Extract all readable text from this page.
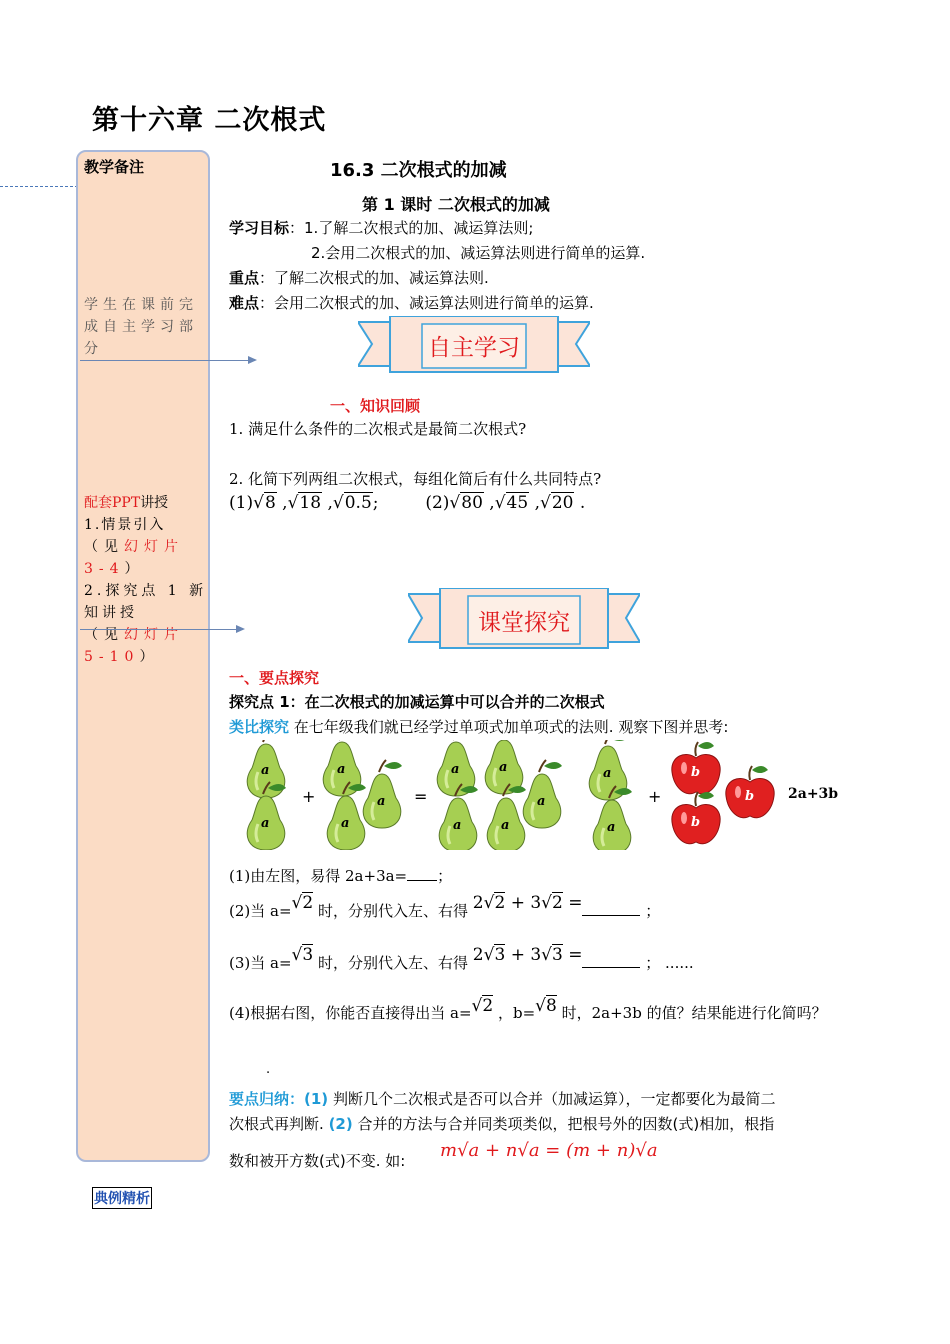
第十六章 二次根式
教学备注
学生在课前完成自主学习部分
配套PPT讲授
1.情景引入
（见幻灯片 3-4）
2.探究点 1 新知讲授
（见幻灯片 5-10）
16.3 二次根式的加减
第 1 课时 二次根式的加减
学习目标：1.了解二次根式的加、减运算法则;
2.会用二次根式的加、减运算法则进行简单的运算.
重点：了解二次根式的加、减运算法则.
难点：会用二次根式的加、减运算法则进行简单的运算.
自主学习
一、知识回顾
1. 满足什么条件的二次根式是最简二次根式?
2. 化简下列两组二次根式，每组化简后有什么共同特点?
(1)√8 ,√18 ,√0.5;	(2)√80 ,√45 ,√20 .
课堂探究
一、要点探究
探究点 1：在二次根式的加减运算中可以合并的二次根式
类比探究 在七年级我们就已经学过单项式加单项式的法则. 观察下图并思考:
+	=	+
a
a
a
a
a
a	a
a
a	a
a
a
b
b
b 2a+3b
(1)由左图，易得 2a+3a= ；
(2)当 a=√2 时，分别代入左、右得 2√2 + 3√2 =	；
(3)当 a=√3 时，分别代入左、右得 2√3 + 3√3 =	； ......
(4)根据右图，你能否直接得出当 a=√2 ，b=√8 时，2a+3b 的值？结果能进行化简吗？
.
要点归纳：(1) 判断几个二次根式是否可以合并（加减运算），一定都要化为最简二
次根式再判断. (2) 合并的方法与合并同类项类似，把根号外的因数(式)相加，根指
数和被开方数(式)不变. 如: m√a + n√a = (m + n)√a
典例精析
